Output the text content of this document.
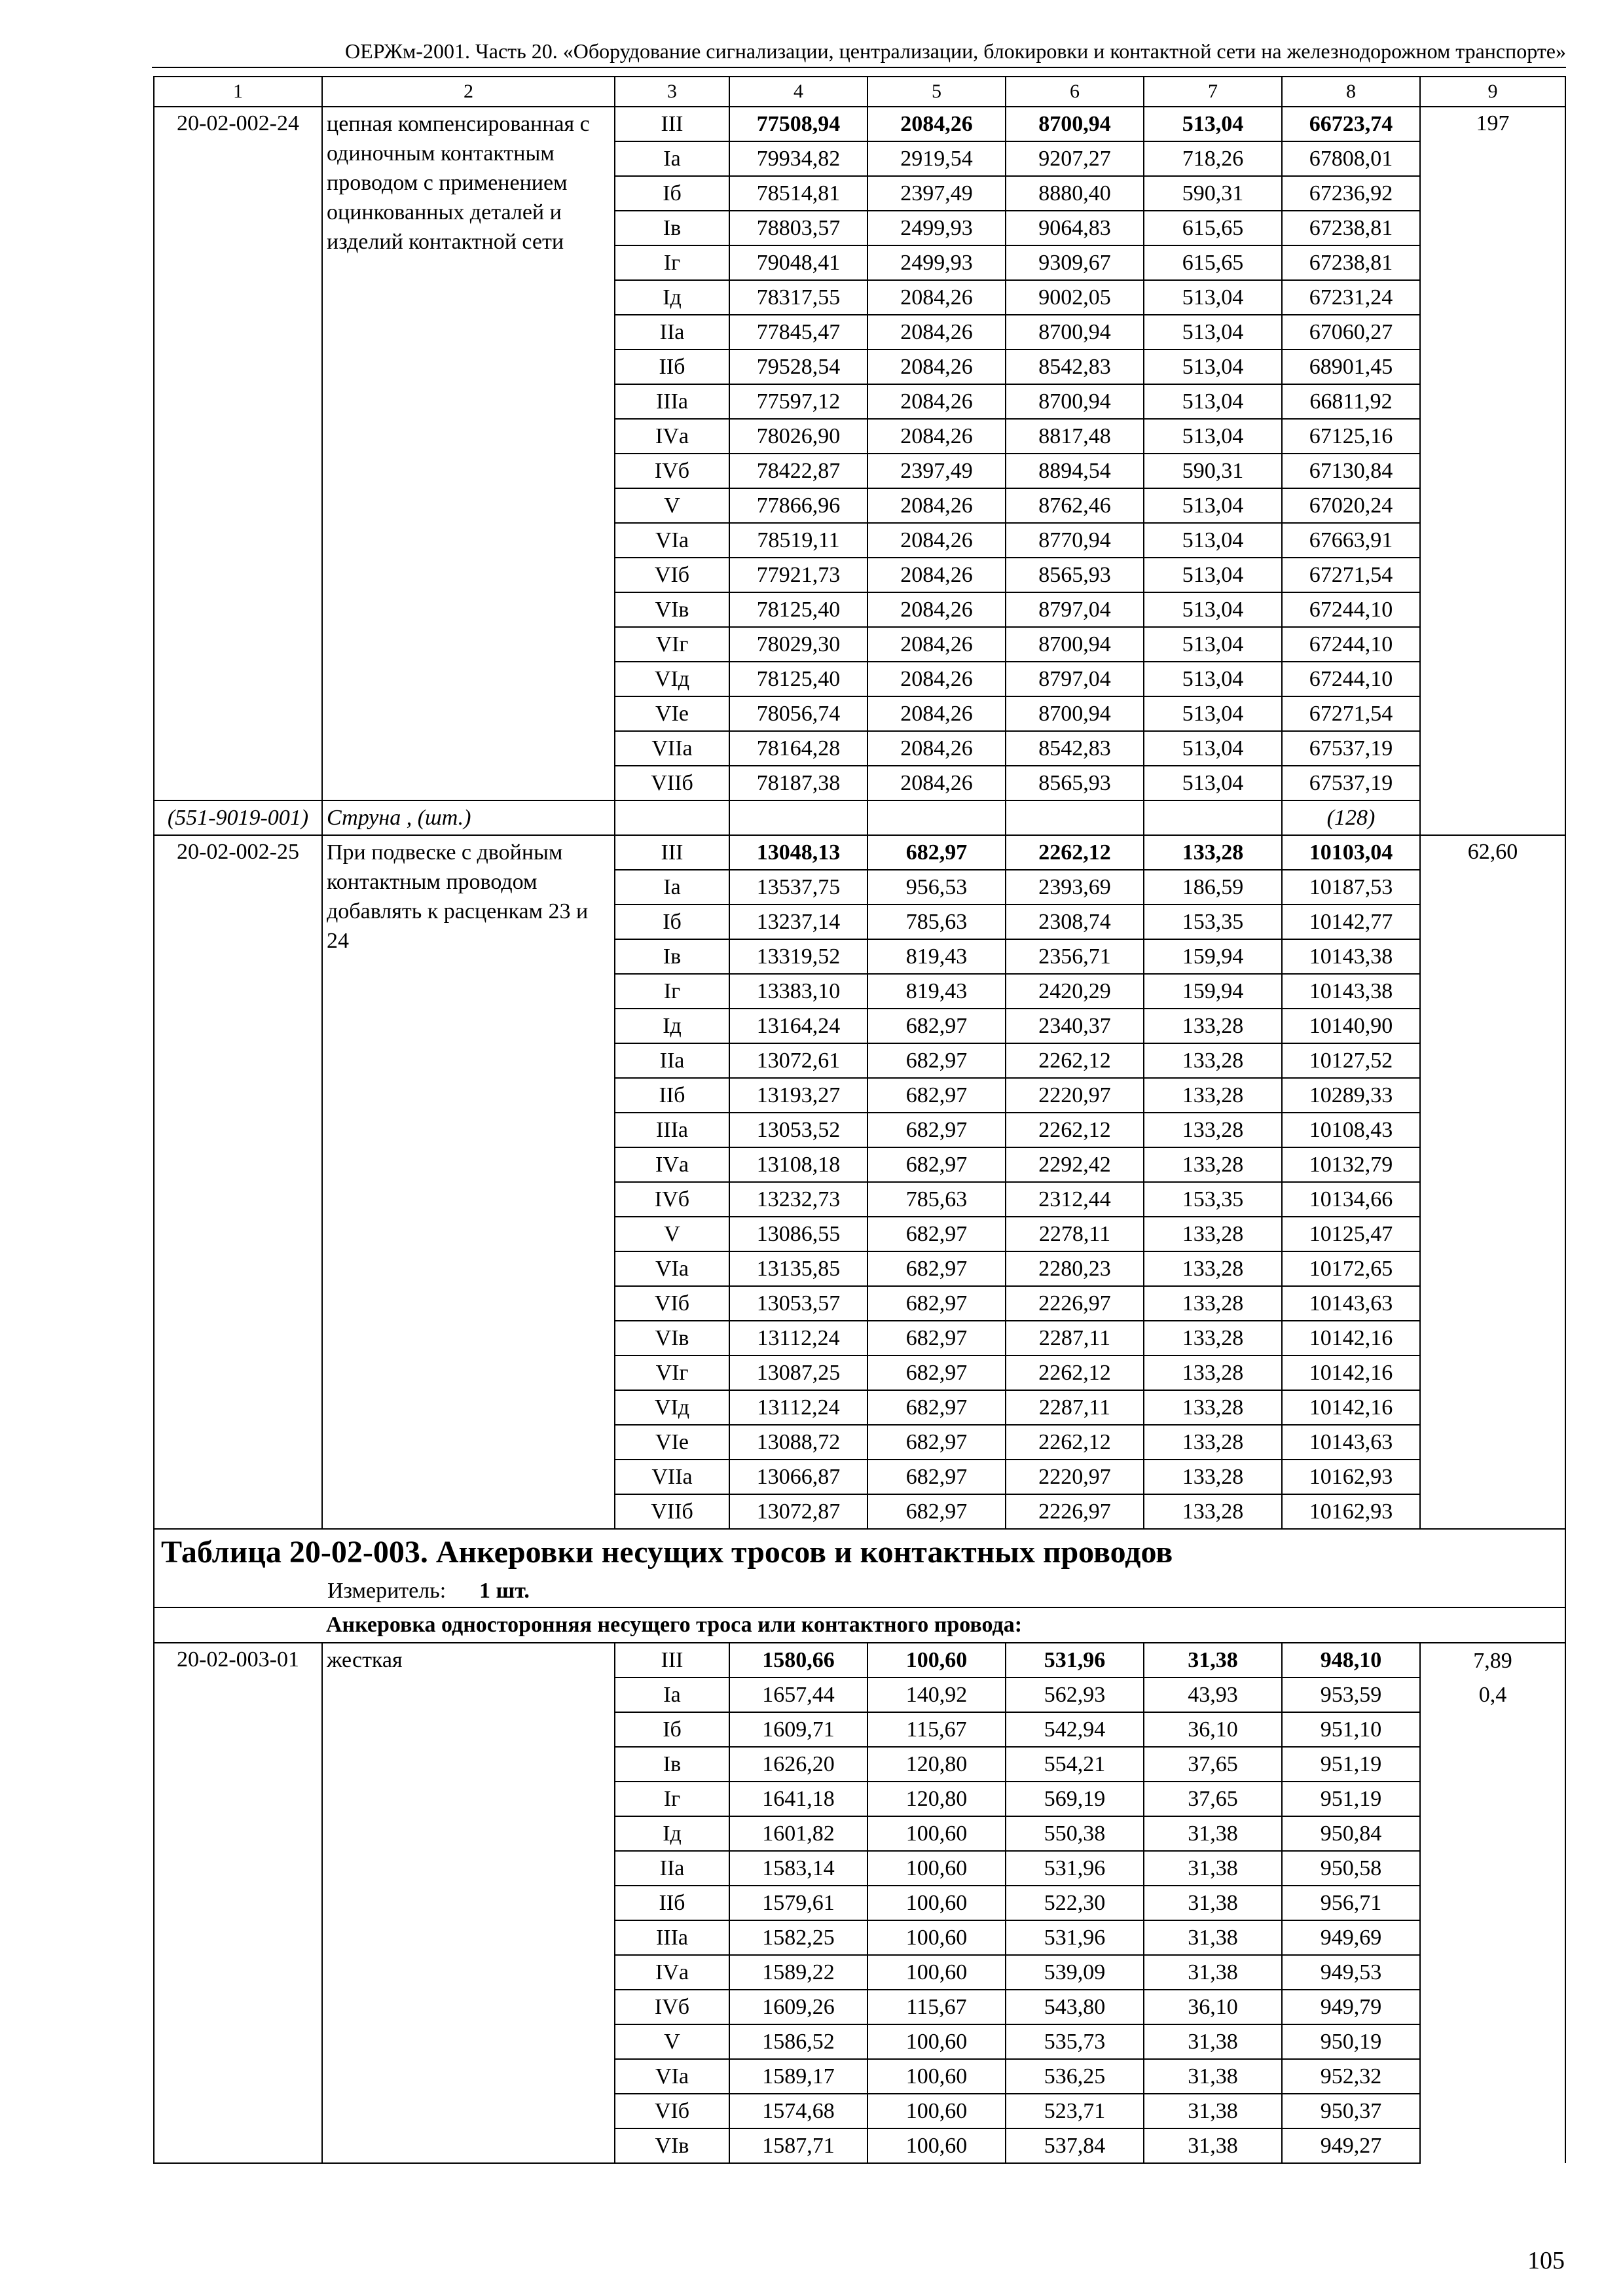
ОЕРЖм-2001. Часть 20. «Оборудование сигнализации, централизации, блокировки и контактной сети на железнодорожном транспорте»
1	2	3	4	5	6	7	8	9
20-02-002-24	цепная компенсированная с одиночным контактным проводом с применением оцинкованных деталей и изделий контактной сети	III	77508,94	2084,26	8700,94	513,04	66723,74	197
		Ia	79934,82	2919,54	9207,27	718,26	67808,01	
		Iб	78514,81	2397,49	8880,40	590,31	67236,92	
		Iв	78803,57	2499,93	9064,83	615,65	67238,81	
		Iг	79048,41	2499,93	9309,67	615,65	67238,81	
		Iд	78317,55	2084,26	9002,05	513,04	67231,24	
		IIа	77845,47	2084,26	8700,94	513,04	67060,27	
		IIб	79528,54	2084,26	8542,83	513,04	68901,45	
		IIIа	77597,12	2084,26	8700,94	513,04	66811,92	
		IVа	78026,90	2084,26	8817,48	513,04	67125,16	
		IVб	78422,87	2397,49	8894,54	590,31	67130,84	
		V	77866,96	2084,26	8762,46	513,04	67020,24	
		VIа	78519,11	2084,26	8770,94	513,04	67663,91	
		VIб	77921,73	2084,26	8565,93	513,04	67271,54	
		VIв	78125,40	2084,26	8797,04	513,04	67244,10	
		VIг	78029,30	2084,26	8700,94	513,04	67244,10	
		VIд	78125,40	2084,26	8797,04	513,04	67244,10	
		VIе	78056,74	2084,26	8700,94	513,04	67271,54	
		VIIа	78164,28	2084,26	8542,83	513,04	67537,19	
		VIIб	78187,38	2084,26	8565,93	513,04	67537,19	
(551-9019-001)	Струна , (шт.)						(128)	
20-02-002-25	При подвеске с двойным контактным проводом добавлять к расценкам 23 и 24	III	13048,13	682,97	2262,12	133,28	10103,04	62,60
		Ia	13537,75	956,53	2393,69	186,59	10187,53	
		Iб	13237,14	785,63	2308,74	153,35	10142,77	
		Iв	13319,52	819,43	2356,71	159,94	10143,38	
		Iг	13383,10	819,43	2420,29	159,94	10143,38	
		Iд	13164,24	682,97	2340,37	133,28	10140,90	
		IIа	13072,61	682,97	2262,12	133,28	10127,52	
		IIб	13193,27	682,97	2220,97	133,28	10289,33	
		IIIа	13053,52	682,97	2262,12	133,28	10108,43	
		IVа	13108,18	682,97	2292,42	133,28	10132,79	
		IVб	13232,73	785,63	2312,44	153,35	10134,66	
		V	13086,55	682,97	2278,11	133,28	10125,47	
		VIа	13135,85	682,97	2280,23	133,28	10172,65	
		VIб	13053,57	682,97	2226,97	133,28	10143,63	
		VIв	13112,24	682,97	2287,11	133,28	10142,16	
		VIг	13087,25	682,97	2262,12	133,28	10142,16	
		VIд	13112,24	682,97	2287,11	133,28	10142,16	
		VIе	13088,72	682,97	2262,12	133,28	10143,63	
		VIIа	13066,87	682,97	2220,97	133,28	10162,93	
		VIIб	13072,87	682,97	2226,97	133,28	10162,93	
Таблица 20-02-003. Анкеровки несущих тросов и контактных проводов								
Измеритель: 1 шт.								
Анкеровка односторонняя несущего троса или контактного провода:								
20-02-003-01	жесткая	III	1580,66	100,60	531,96	31,38	948,10	7,89
		Ia	1657,44	140,92	562,93	43,93	953,59	0,4
		Iб	1609,71	115,67	542,94	36,10	951,10	
		Iв	1626,20	120,80	554,21	37,65	951,19	
		Iг	1641,18	120,80	569,19	37,65	951,19	
		Iд	1601,82	100,60	550,38	31,38	950,84	
		IIа	1583,14	100,60	531,96	31,38	950,58	
		IIб	1579,61	100,60	522,30	31,38	956,71	
		IIIа	1582,25	100,60	531,96	31,38	949,69	
		IVа	1589,22	100,60	539,09	31,38	949,53	
		IVб	1609,26	115,67	543,80	36,10	949,79	
		V	1586,52	100,60	535,73	31,38	950,19	
		VIа	1589,17	100,60	536,25	31,38	952,32	
		VIб	1574,68	100,60	523,71	31,38	950,37	
		VIв	1587,71	100,60	537,84	31,38	949,27	
105
